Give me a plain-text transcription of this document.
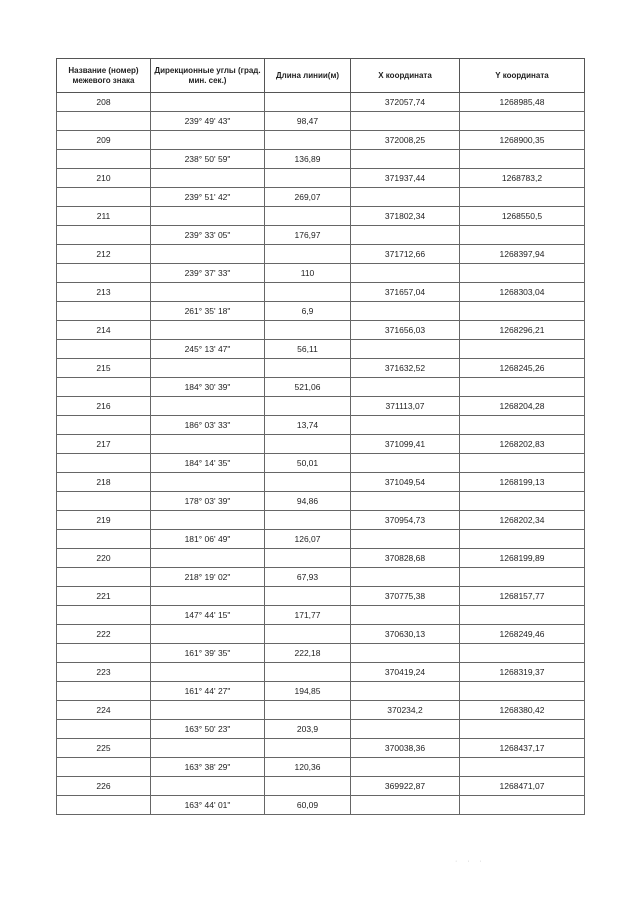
Название (номер) межевого знака	Дирекционные углы (град. мин. сек.)	Длина линии(м)	X координата	Y координата
208			372057,74	1268985,48
	239° 49' 43"	98,47		
209			372008,25	1268900,35
	238° 50' 59"	136,89		
210			371937,44	1268783,2
	239° 51' 42"	269,07		
211			371802,34	1268550,5
	239° 33' 05"	176,97		
212			371712,66	1268397,94
	239° 37' 33"	110		
213			371657,04	1268303,04
	261° 35' 18"	6,9		
214			371656,03	1268296,21
	245° 13' 47"	56,11		
215			371632,52	1268245,26
	184° 30' 39"	521,06		
216			371113,07	1268204,28
	186° 03' 33"	13,74		
217			371099,41	1268202,83
	184° 14' 35"	50,01		
218			371049,54	1268199,13
	178° 03' 39"	94,86		
219			370954,73	1268202,34
	181° 06' 49"	126,07		
220			370828,68	1268199,89
	218° 19' 02"	67,93		
221			370775,38	1268157,77
	147° 44' 15"	171,77		
222			370630,13	1268249,46
	161° 39' 35"	222,18		
223			370419,24	1268319,37
	161° 44' 27"	194,85		
224			370234,2	1268380,42
	163° 50' 23"	203,9		
225			370038,36	1268437,17
	163° 38' 29"	120,36		
226			369922,87	1268471,07
	163° 44' 01"	60,09		
· · ·
